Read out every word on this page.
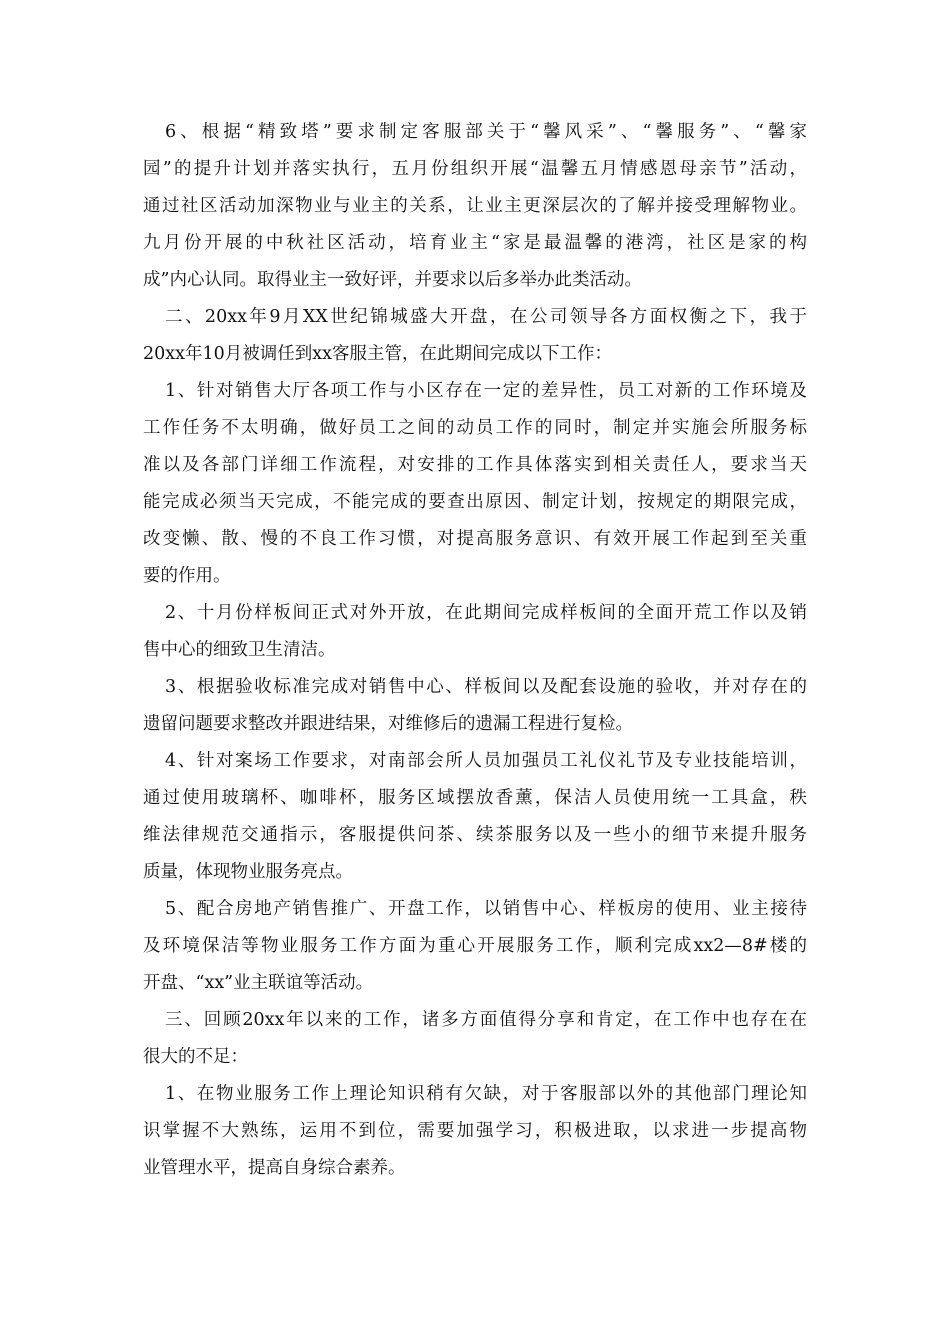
6、根据“精致塔”要求制定客服部关于“馨风采”、“馨服务”、“馨家
园”的提升计划并落实执行，五月份组织开展“温馨五月情感恩母亲节”活动，
通过社区活动加深物业与业主的关系，让业主更深层次的了解并接受理解物业。
九月份开展的中秋社区活动，培育业主“家是最温馨的港湾，社区是家的构
成”内心认同。取得业主一致好评，并要求以后多举办此类活动。
二、20xx年9月XX世纪锦城盛大开盘，在公司领导各方面权衡之下，我于
20xx年10月被调任到xx客服主管，在此期间完成以下工作：
1、针对销售大厅各项工作与小区存在一定的差异性，员工对新的工作环境及
工作任务不太明确，做好员工之间的动员工作的同时，制定并实施会所服务标
准以及各部门详细工作流程，对安排的工作具体落实到相关责任人，要求当天
能完成必须当天完成，不能完成的要查出原因、制定计划，按规定的期限完成，
改变懒、散、慢的不良工作习惯，对提高服务意识、有效开展工作起到至关重
要的作用。
2、十月份样板间正式对外开放，在此期间完成样板间的全面开荒工作以及销
售中心的细致卫生清洁。
3、根据验收标准完成对销售中心、样板间以及配套设施的验收，并对存在的
遗留问题要求整改并跟进结果，对维修后的遗漏工程进行复检。
4、针对案场工作要求，对南部会所人员加强员工礼仪礼节及专业技能培训，
通过使用玻璃杯、咖啡杯，服务区域摆放香薰，保洁人员使用统一工具盒，秩
维法律规范交通指示，客服提供问茶、续茶服务以及一些小的细节来提升服务
质量，体现物业服务亮点。
5、配合房地产销售推广、开盘工作，以销售中心、样板房的使用、业主接待
及环境保洁等物业服务工作方面为重心开展服务工作，顺利完成xx2—8#楼的
开盘、“xx”业主联谊等活动。
三、回顾20xx年以来的工作，诸多方面值得分享和肯定，在工作中也存在在
很大的不足：
1、在物业服务工作上理论知识稍有欠缺，对于客服部以外的其他部门理论知
识掌握不大熟练，运用不到位，需要加强学习，积极进取，以求进一步提高物
业管理水平，提高自身综合素养。
